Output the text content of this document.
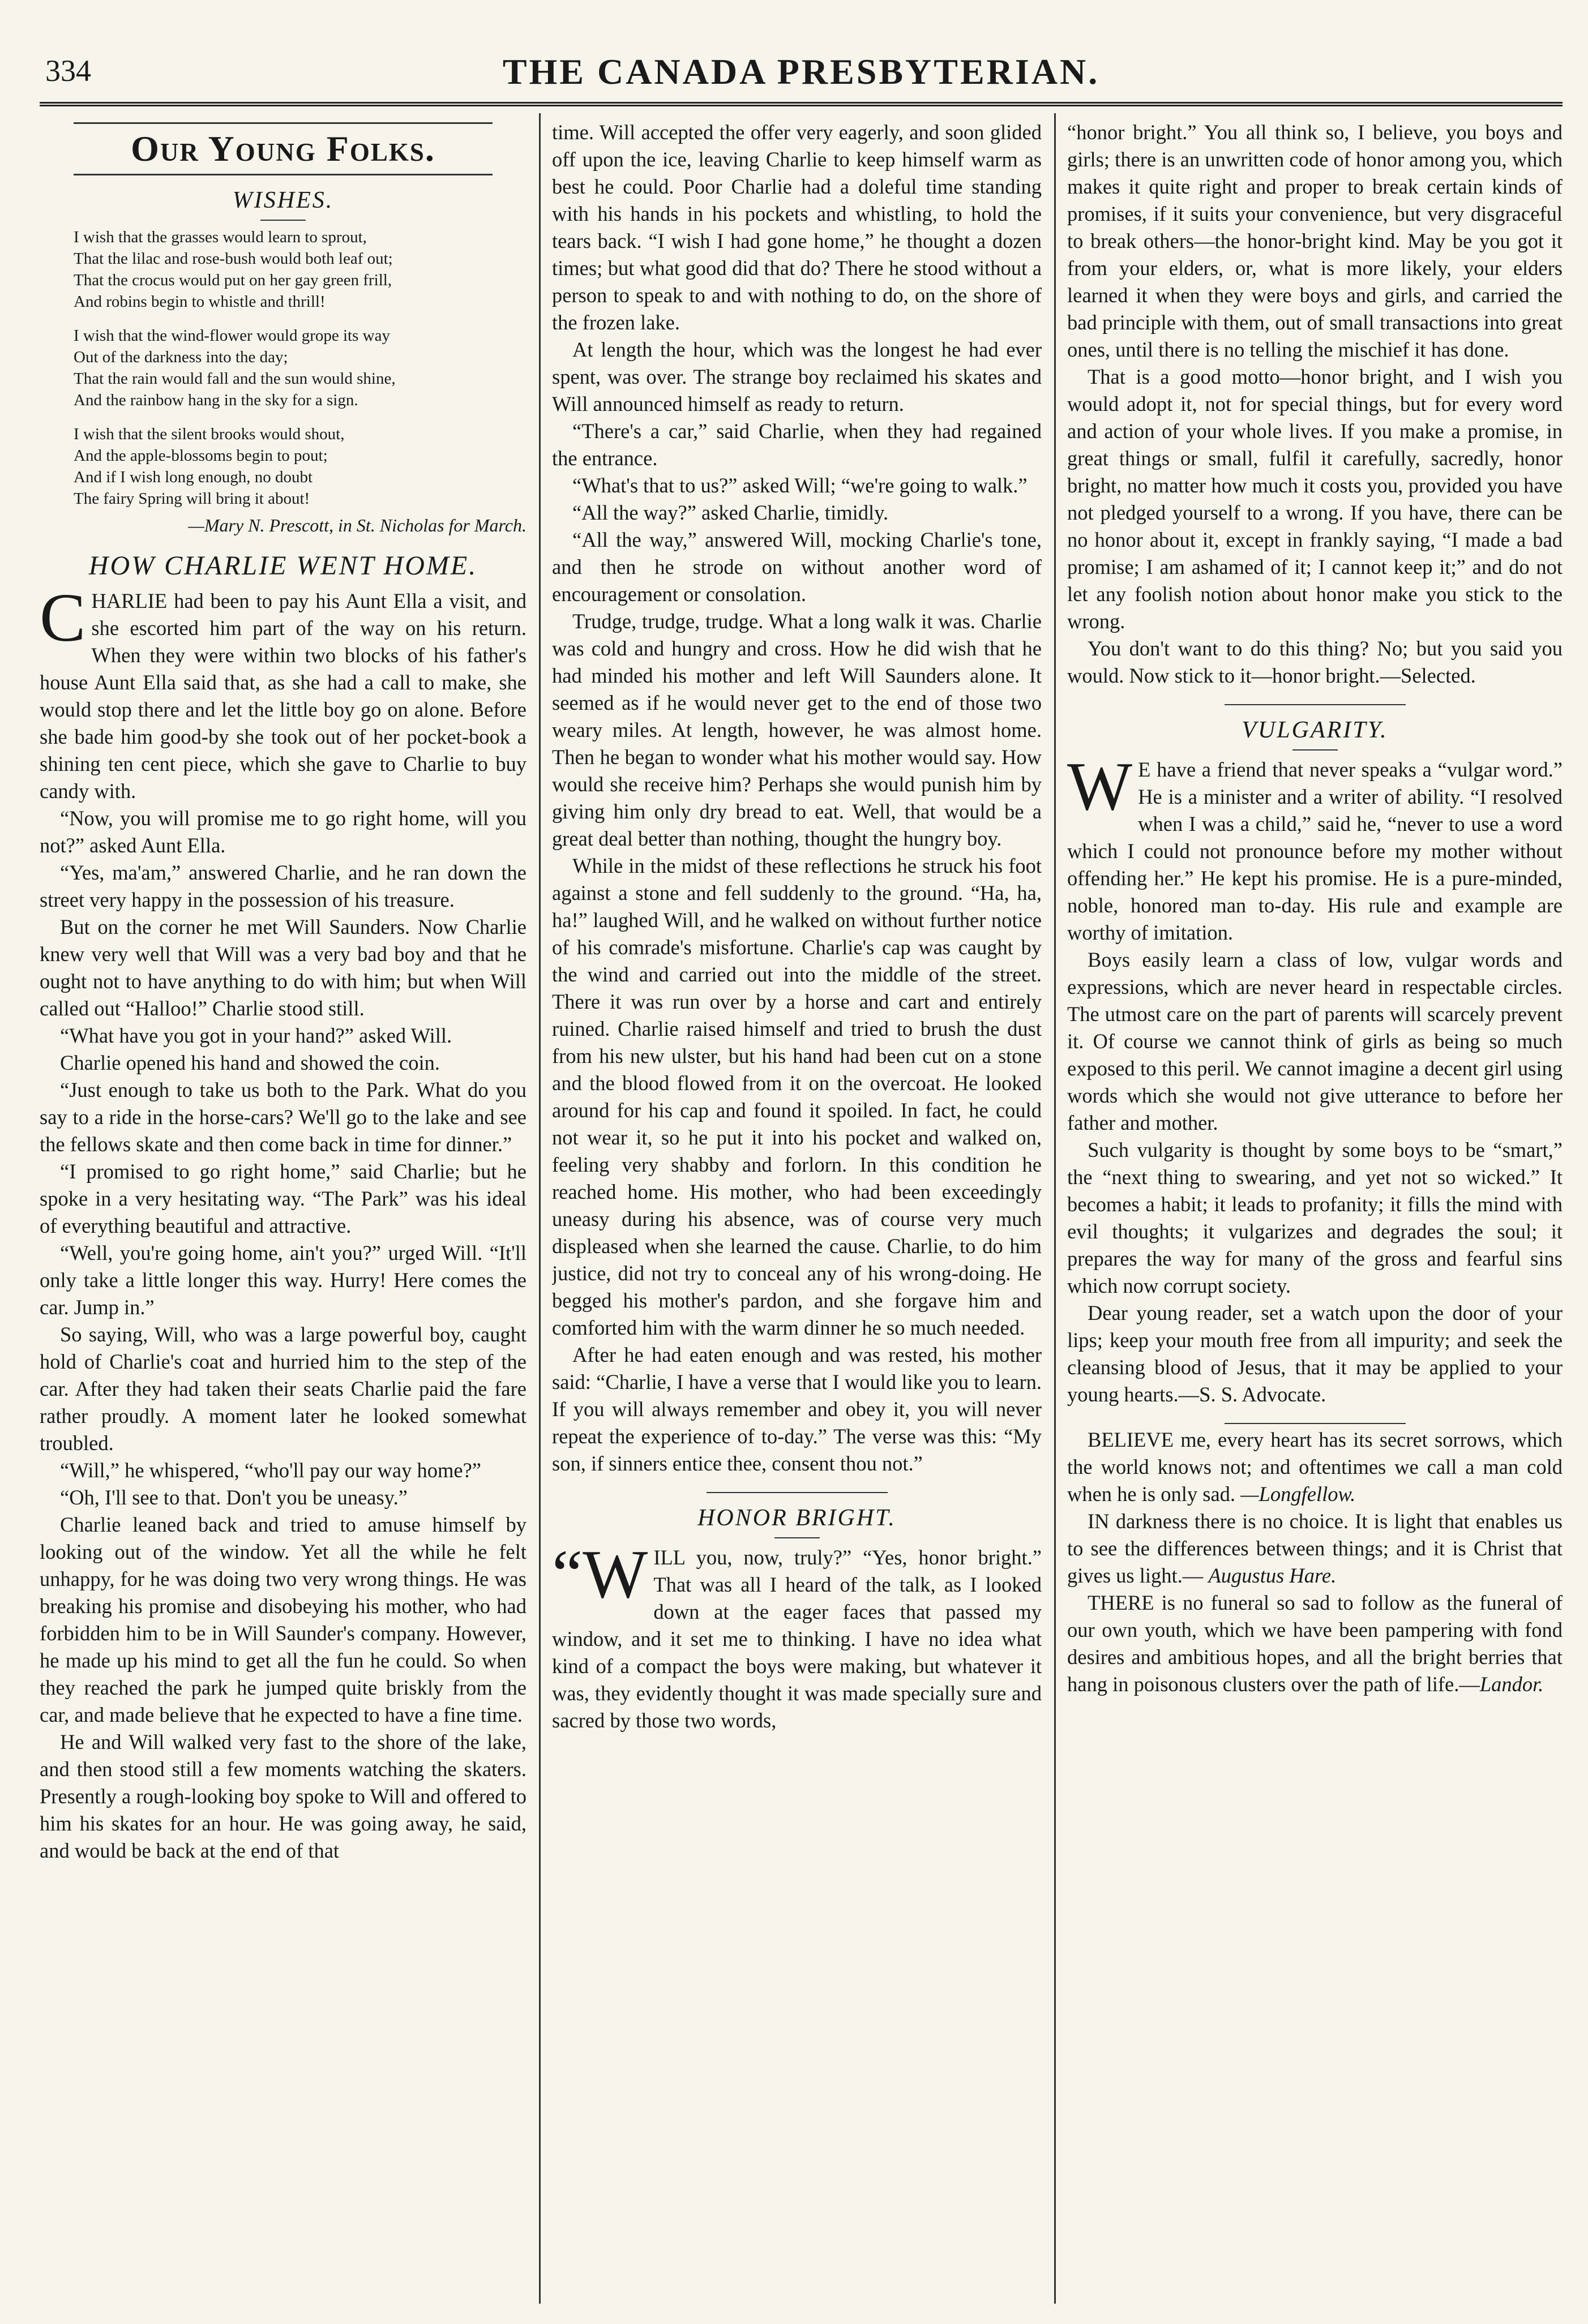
334	THE CANADA PRESBYTERIAN.
Our Young Folks.
WISHES.
I wish that the grasses would learn to sprout,
That the lilac and rose-bush would both leaf out;
That the crocus would put on her gay green frill,
And robins begin to whistle and thrill!
I wish that the wind-flower would grope its way
Out of the darkness into the day;
That the rain would fall and the sun would shine,
And the rainbow hang in the sky for a sign.
I wish that the silent brooks would shout,
And the apple-blossoms begin to pout;
And if I wish long enough, no doubt
The fairy Spring will bring it about!
—Mary N. Prescott, in St. Nicholas for March.
HOW CHARLIE WENT HOME.

CHARLIE had been to pay his Aunt Ella a visit, and she escorted him part of the way on his return. When they were within two blocks of his father's house Aunt Ella said that, as she had a call to make, she would stop there and let the little boy go on alone. Before she bade him good-by she took out of her pocket-book a shining ten cent piece, which she gave to Charlie to buy candy with.

“Now, you will promise me to go right home, will you not?” asked Aunt Ella.

“Yes, ma'am,” answered Charlie, and he ran down the street very happy in the possession of his treasure.

But on the corner he met Will Saunders. Now Charlie knew very well that Will was a very bad boy and that he ought not to have anything to do with him; but when Will called out “Halloo!” Charlie stood still.

“What have you got in your hand?” asked Will.

Charlie opened his hand and showed the coin.

“Just enough to take us both to the Park. What do you say to a ride in the horse-cars? We'll go to the lake and see the fellows skate and then come back in time for dinner.”

“I promised to go right home,” said Charlie; but he spoke in a very hesitating way. “The Park” was his ideal of everything beautiful and attractive.

“Well, you're going home, ain't you?” urged Will. “It'll only take a little longer this way. Hurry! Here comes the car. Jump in.”

So saying, Will, who was a large powerful boy, caught hold of Charlie's coat and hurried him to the step of the car. After they had taken their seats Charlie paid the fare rather proudly. A moment later he looked somewhat troubled.

“Will,” he whispered, “who'll pay our way home?”

“Oh, I'll see to that. Don't you be uneasy.”

Charlie leaned back and tried to amuse himself by looking out of the window. Yet all the while he felt unhappy, for he was doing two very wrong things. He was breaking his promise and disobeying his mother, who had forbidden him to be in Will Saunder's company. However, he made up his mind to get all the fun he could. So when they reached the park he jumped quite briskly from the car, and made believe that he expected to have a fine time.

He and Will walked very fast to the shore of the lake, and then stood still a few moments watching the skaters. Presently a rough-looking boy spoke to Will and offered to him his skates for an hour. He was going away, he said, and would be back at the end of that

time. Will accepted the offer very eagerly, and soon glided off upon the ice, leaving Charlie to keep himself warm as best he could. Poor Charlie had a doleful time standing with his hands in his pockets and whistling, to hold the tears back. “I wish I had gone home,” he thought a dozen times; but what good did that do? There he stood without a person to speak to and with nothing to do, on the shore of the frozen lake.

At length the hour, which was the longest he had ever spent, was over. The strange boy reclaimed his skates and Will announced himself as ready to return.

“There's a car,” said Charlie, when they had regained the entrance.

“What's that to us?” asked Will; “we're going to walk.”

“All the way?” asked Charlie, timidly.

“All the way,” answered Will, mocking Charlie's tone, and then he strode on without another word of encouragement or consolation.

Trudge, trudge, trudge. What a long walk it was. Charlie was cold and hungry and cross. How he did wish that he had minded his mother and left Will Saunders alone. It seemed as if he would never get to the end of those two weary miles. At length, however, he was almost home. Then he began to wonder what his mother would say. How would she receive him? Perhaps she would punish him by giving him only dry bread to eat. Well, that would be a great deal better than nothing, thought the hungry boy.

While in the midst of these reflections he struck his foot against a stone and fell suddenly to the ground. “Ha, ha, ha!” laughed Will, and he walked on without further notice of his comrade's misfortune. Charlie's cap was caught by the wind and carried out into the middle of the street. There it was run over by a horse and cart and entirely ruined. Charlie raised himself and tried to brush the dust from his new ulster, but his hand had been cut on a stone and the blood flowed from it on the overcoat. He looked around for his cap and found it spoiled. In fact, he could not wear it, so he put it into his pocket and walked on, feeling very shabby and forlorn. In this condition he reached home. His mother, who had been exceedingly uneasy during his absence, was of course very much displeased when she learned the cause. Charlie, to do him justice, did not try to conceal any of his wrong-doing. He begged his mother's pardon, and she forgave him and comforted him with the warm dinner he so much needed.

After he had eaten enough and was rested, his mother said: “Charlie, I have a verse that I would like you to learn. If you will always remember and obey it, you will never repeat the experience of to-day.” The verse was this: “My son, if sinners entice thee, consent thou not.”

HONOR BRIGHT.

“WILL you, now, truly?” “Yes, honor bright.” That was all I heard of the talk, as I looked down at the eager faces that passed my window, and it set me to thinking. I have no idea what kind of a compact the boys were making, but whatever it was, they evidently thought it was made specially sure and sacred by those two words,

“honor bright.” You all think so, I believe, you boys and girls; there is an unwritten code of honor among you, which makes it quite right and proper to break certain kinds of promises, if it suits your convenience, but very disgraceful to break others—the honor-bright kind. May be you got it from your elders, or, what is more likely, your elders learned it when they were boys and girls, and carried the bad principle with them, out of small transactions into great ones, until there is no telling the mischief it has done.

That is a good motto—honor bright, and I wish you would adopt it, not for special things, but for every word and action of your whole lives. If you make a promise, in great things or small, fulfil it carefully, sacredly, honor bright, no matter how much it costs you, provided you have not pledged yourself to a wrong. If you have, there can be no honor about it, except in frankly saying, “I made a bad promise; I am ashamed of it; I cannot keep it;” and do not let any foolish notion about honor make you stick to the wrong.

You don't want to do this thing? No; but you said you would. Now stick to it—honor bright.—Selected.

VULGARITY.

W E have a friend that never speaks a “vulgar word.” He is a minister and a writer of ability. “I resolved when I was a child,” said he, “never to use a word which I could not pronounce before my mother without offending her.” He kept his promise. He is a pure-minded, noble, honored man to-day. His rule and example are worthy of imitation.

Boys easily learn a class of low, vulgar words and expressions, which are never heard in respectable circles. The utmost care on the part of parents will scarcely prevent it. Of course we cannot think of girls as being so much exposed to this peril. We cannot imagine a decent girl using words which she would not give utterance to before her father and mother.

Such vulgarity is thought by some boys to be “smart,” the “next thing to swearing, and yet not so wicked.” It becomes a habit; it leads to profanity; it fills the mind with evil thoughts; it vulgarizes and degrades the soul; it prepares the way for many of the gross and fearful sins which now corrupt society.

Dear young reader, set a watch upon the door of your lips; keep your mouth free from all impurity; and seek the cleansing blood of Jesus, that it may be applied to your young hearts.—S. S. Advocate.

BELIEVE me, every heart has its secret sorrows, which the world knows not; and oftentimes we call a man cold when he is only sad. —Longfellow.

IN darkness there is no choice. It is light that enables us to see the differences between things; and it is Christ that gives us light.— Augustus Hare.

THERE is no funeral so sad to follow as the funeral of our own youth, which we have been pampering with fond desires and ambitious hopes, and all the bright berries that hang in poisonous clusters over the path of life.—Landor.
